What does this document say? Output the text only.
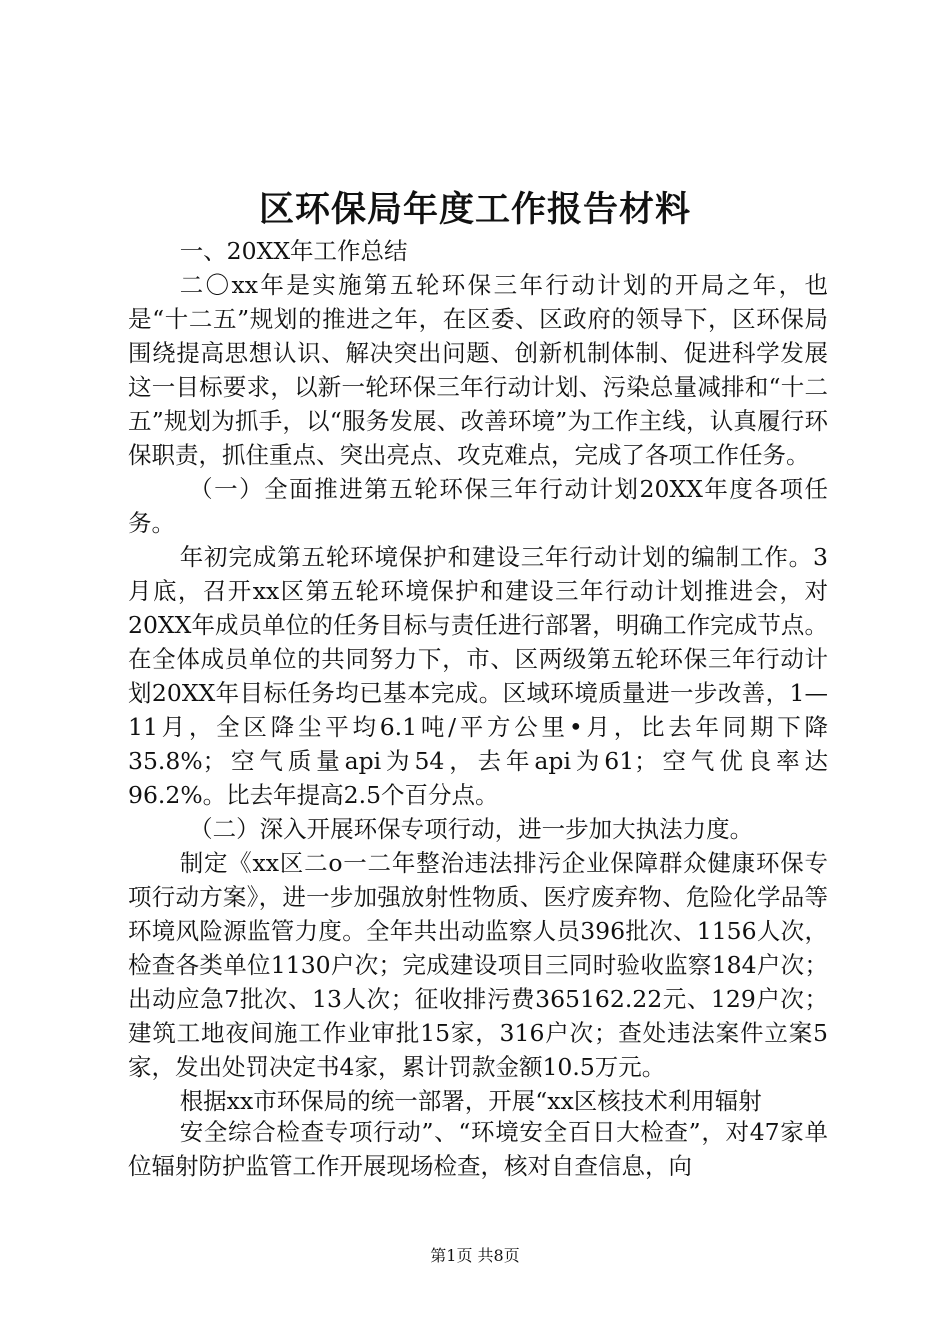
区环保局年度工作报告材料

一、20XX年工作总结

二〇xx年是实施第五轮环保三年行动计划的开局之年，也是“十二五”规划的推进之年，在区委、区政府的领导下，区环保局围绕提高思想认识、解决突出问题、创新机制体制、促进科学发展这一目标要求，以新一轮环保三年行动计划、污染总量减排和“十二五”规划为抓手，以“服务发展、改善环境”为工作主线，认真履行环保职责，抓住重点、突出亮点、攻克难点，完成了各项工作任务。

（一）全面推进第五轮环保三年行动计划20XX年度各项任务。

年初完成第五轮环境保护和建设三年行动计划的编制工作。3月底，召开xx区第五轮环境保护和建设三年行动计划推进会，对20XX年成员单位的任务目标与责任进行部署，明确工作完成节点。在全体成员单位的共同努力下，市、区两级第五轮环保三年行动计划20XX年目标任务均已基本完成。区域环境质量进一步改善，1—11月，全区降尘平均6.1吨/平方公里•月，比去年同期下降35.8%；空气质量api为54，去年api为61；空气优良率达96.2%。比去年提高2.5个百分点。

（二）深入开展环保专项行动，进一步加大执法力度。

制定《xx区二o一二年整治违法排污企业保障群众健康环保专项行动方案》，进一步加强放射性物质、医疗废弃物、危险化学品等环境风险源监管力度。全年共出动监察人员396批次、1156人次，检查各类单位1130户次；完成建设项目三同时验收监察184户次；出动应急7批次、13人次；征收排污费365162.22元、129户次；建筑工地夜间施工作业审批15家，316户次；查处违法案件立案5家，发出处罚决定书4家，累计罚款金额10.5万元。

根据xx市环保局的统一部署，开展“xx区核技术利用辐射

安全综合检查专项行动”、“环境安全百日大检查”，对47家单位辐射防护监管工作开展现场检查，核对自查信息，向

第1页 共8页
